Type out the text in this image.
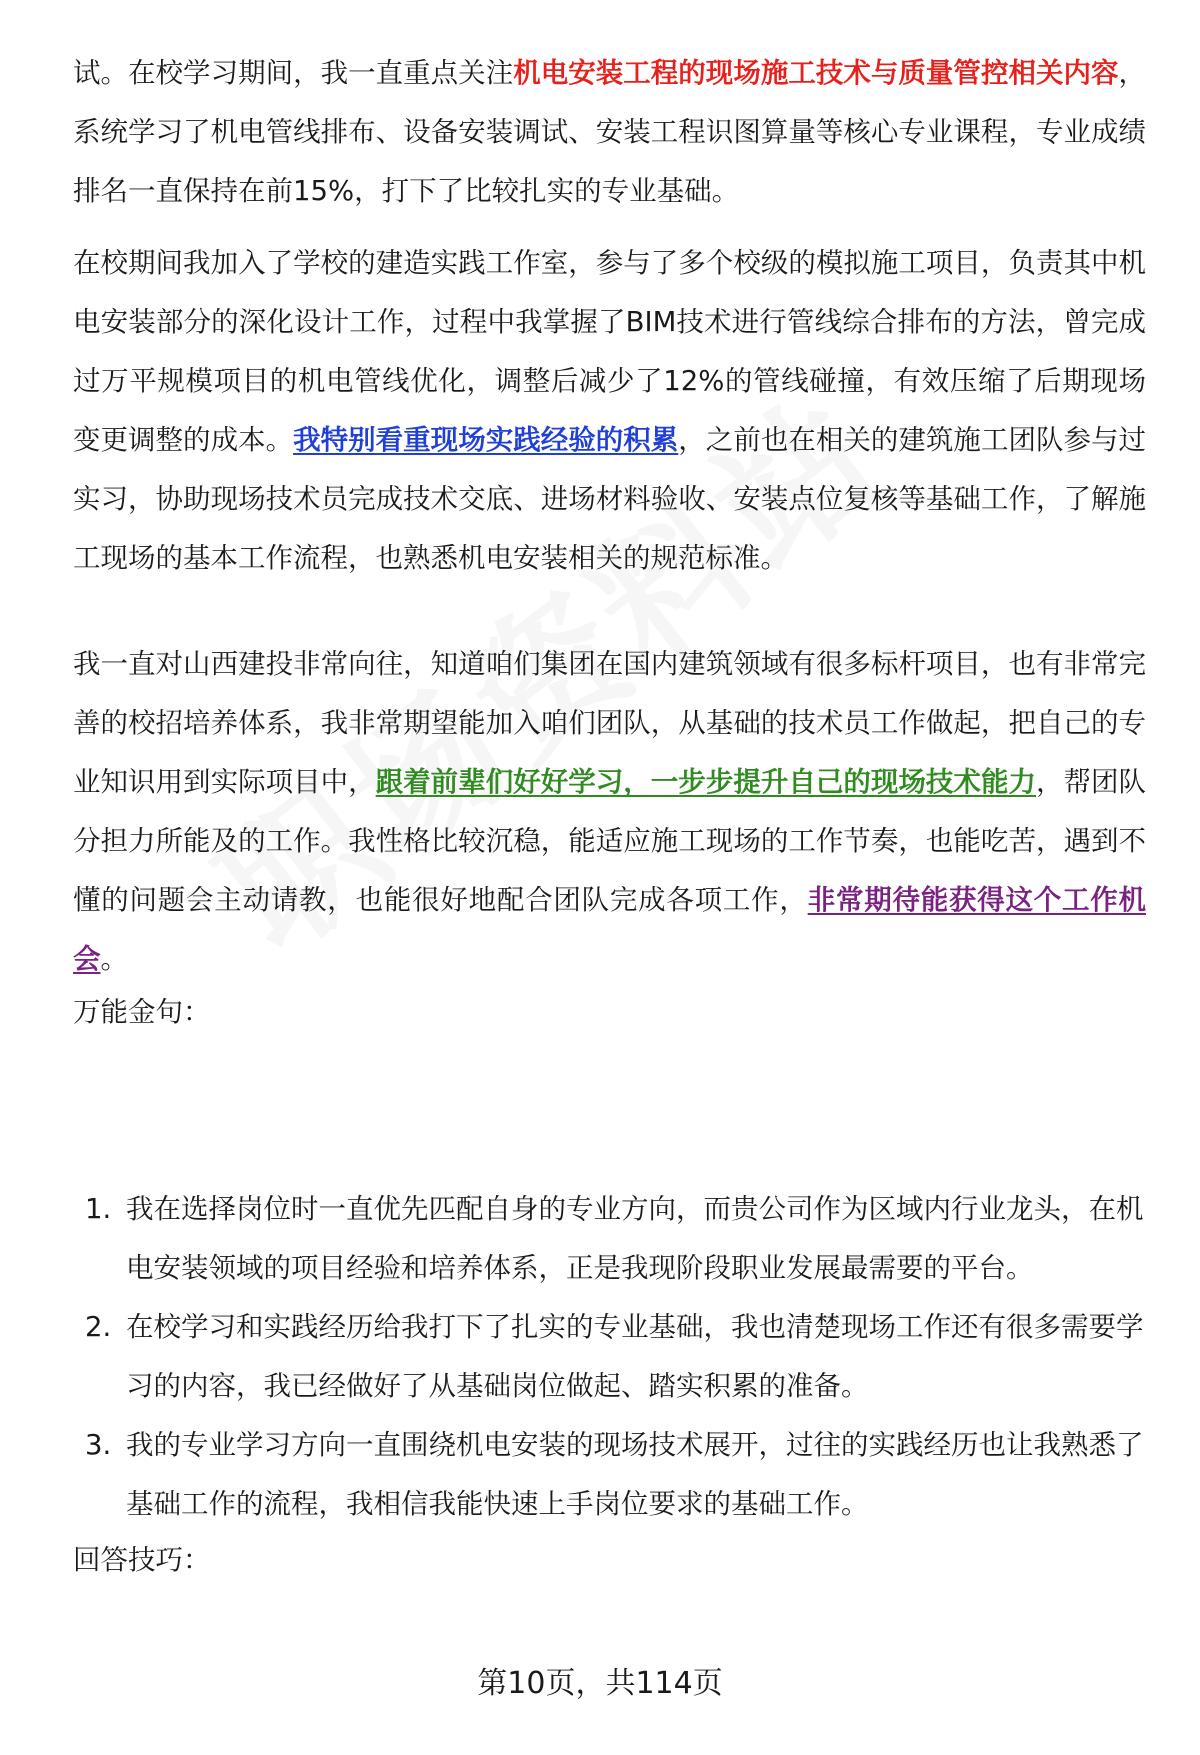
试。在校学习期间，我一直重点关注机电安装工程的现场施工技术与质量管控相关内容，系统学习了机电管线排布、设备安装调试、安装工程识图算量等核心专业课程，专业成绩排名一直保持在前15%，打下了比较扎实的专业基础。

在校期间我加入了学校的建造实践工作室，参与了多个校级的模拟施工项目，负责其中机电安装部分的深化设计工作，过程中我掌握了BIM技术进行管线综合排布的方法，曾完成过万平规模项目的机电管线优化，调整后减少了12%的管线碰撞，有效压缩了后期现场变更调整的成本。我特别看重现场实践经验的积累，之前也在相关的建筑施工团队参与过实习，协助现场技术员完成技术交底、进场材料验收、安装点位复核等基础工作，了解施工现场的基本工作流程，也熟悉机电安装相关的规范标准。

我一直对山西建投非常向往，知道咱们集团在国内建筑领域有很多标杆项目，也有非常完善的校招培养体系，我非常期望能加入咱们团队，从基础的技术员工作做起，把自己的专业知识用到实际项目中，跟着前辈们好好学习，一步步提升自己的现场技术能力，帮团队分担力所能及的工作。我性格比较沉稳，能适应施工现场的工作节奏，也能吃苦，遇到不懂的问题会主动请教，也能很好地配合团队完成各项工作，非常期待能获得这个工作机会。

万能金句：

1. 我在选择岗位时一直优先匹配自身的专业方向，而贵公司作为区域内行业龙头，在机电安装领域的项目经验和培养体系，正是我现阶段职业发展最需要的平台。
2. 在校学习和实践经历给我打下了扎实的专业基础，我也清楚现场工作还有很多需要学习的内容，我已经做好了从基础岗位做起、踏实积累的准备。
3. 我的专业学习方向一直围绕机电安装的现场技术展开，过往的实践经历也让我熟悉了基础工作的流程，我相信我能快速上手岗位要求的基础工作。

回答技巧：

第10页，共114页
